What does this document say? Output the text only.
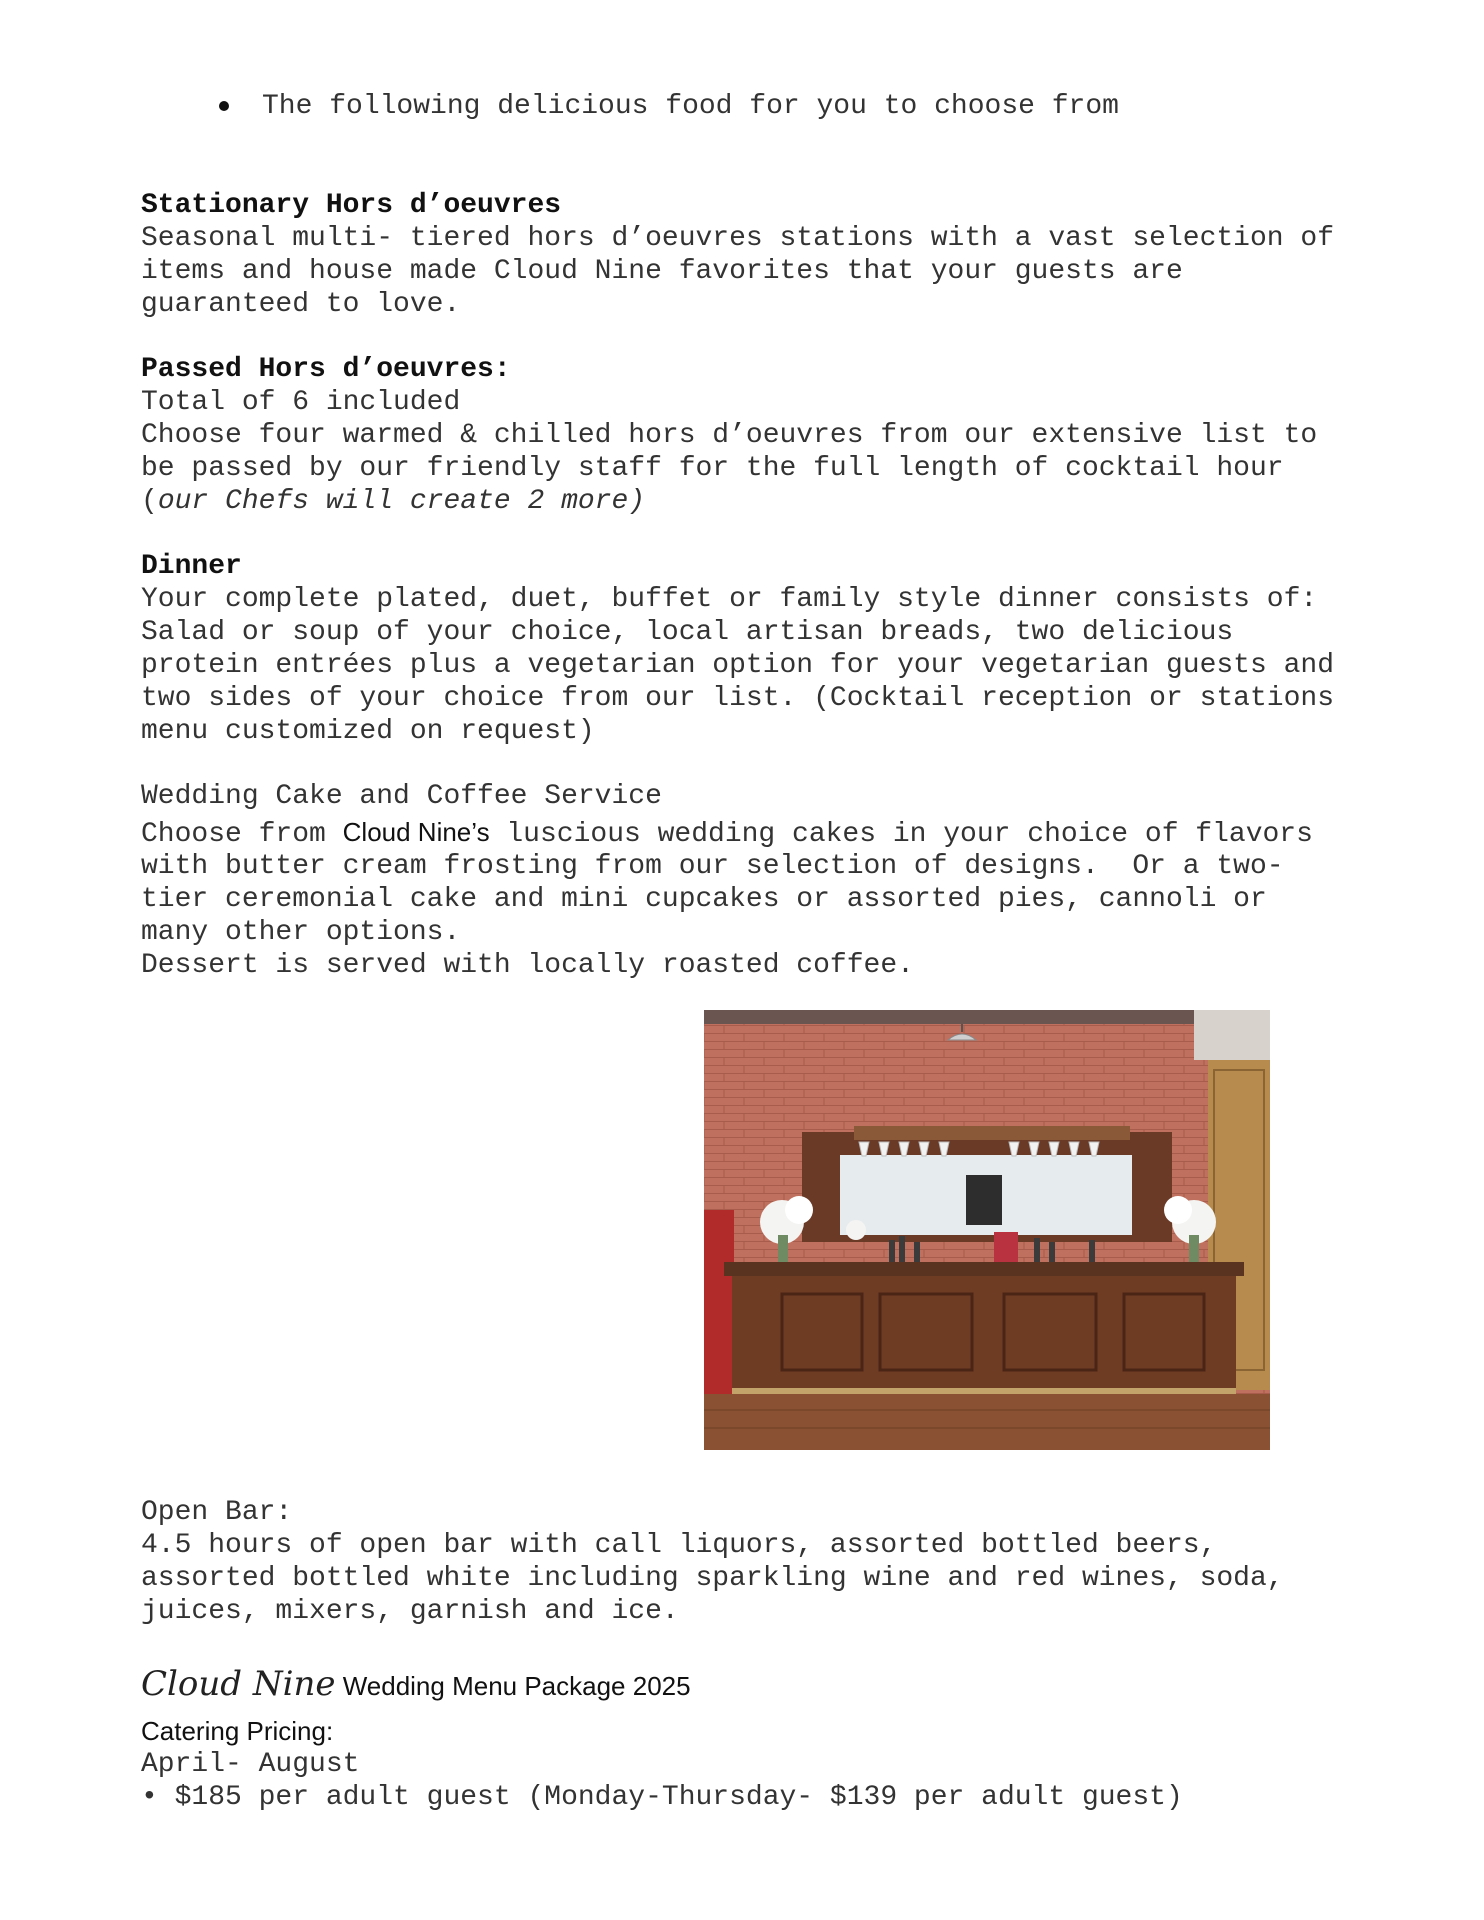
The following delicious food for you to choose from
Stationary Hors d’oeuvres
Seasonal multi- tiered hors d’oeuvres stations with a vast selection of
items and house made Cloud Nine favorites that your guests are
guaranteed to love.
Passed Hors d’oeuvres:
Total of 6 included
Choose four warmed & chilled hors d’oeuvres from our extensive list to
be passed by our friendly staff for the full length of cocktail hour
(our Chefs will create 2 more)
Dinner
Your complete plated, duet, buffet or family style dinner consists of:
Salad or soup of your choice, local artisan breads, two delicious
protein entrées plus a vegetarian option for your vegetarian guests and
two sides of your choice from our list. (Cocktail reception or stations
menu customized on request)
Wedding Cake and Coffee Service
Choose from Cloud Nine’s luscious wedding cakes in your choice of flavors
with butter cream frosting from our selection of designs.  Or a two-
tier ceremonial cake and mini cupcakes or assorted pies, cannoli or
many other options.
Dessert is served with locally roasted coffee.
Open Bar:
4.5 hours of open bar with call liquors, assorted bottled beers,
assorted bottled white including sparkling wine and red wines, soda,
juices, mixers, garnish and ice.
Cloud Nine Wedding Menu Package 2025
Catering Pricing:
April- August
• $185 per adult guest (Monday-Thursday- $139 per adult guest)
